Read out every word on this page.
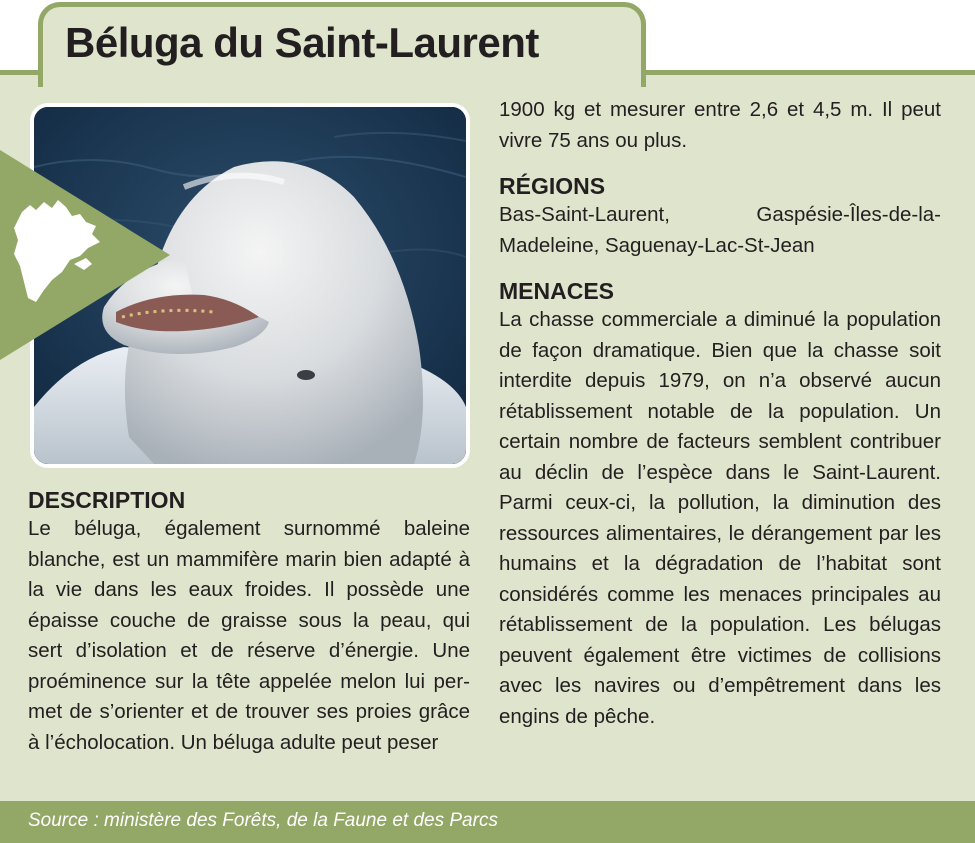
Béluga du Saint-Laurent
DESCRIPTION

Le béluga, également surnommé baleine blanche, est un mammifère marin bien adapté à la vie dans les eaux froides. Il possède une épaisse couche de graisse sous la peau, qui sert d’isolation et de réserve d’énergie. Une proéminence sur la tête appelée melon lui permet de s’orienter et de trouver ses proies grâce à l’écholocation. Un béluga adulte peut peser

1900 kg et mesurer entre 2,6 et 4,5 m. Il peut vivre 75 ans ou plus.

RÉGIONS

Bas-Saint-Laurent, Gaspésie-Îles-de-la-Madeleine, Saguenay-Lac-St-Jean

MENACES

La chasse commerciale a diminué la population de façon dramatique. Bien que la chasse soit interdite depuis 1979, on n’a observé aucun rétablissement notable de la population. Un certain nombre de facteurs semblent contribuer au déclin de l’espèce dans le Saint-Laurent. Parmi ceux-ci, la pollution, la diminution des ressources alimentaires, le dérangement par les humains et la dégradation de l’habitat sont considérés comme les menaces principales au rétablissement de la population. Les bélugas peuvent également être victimes de collisions avec les navires ou d’empêtrement dans les engins de pêche.

Source : ministère des Forêts, de la Faune et des Parcs
